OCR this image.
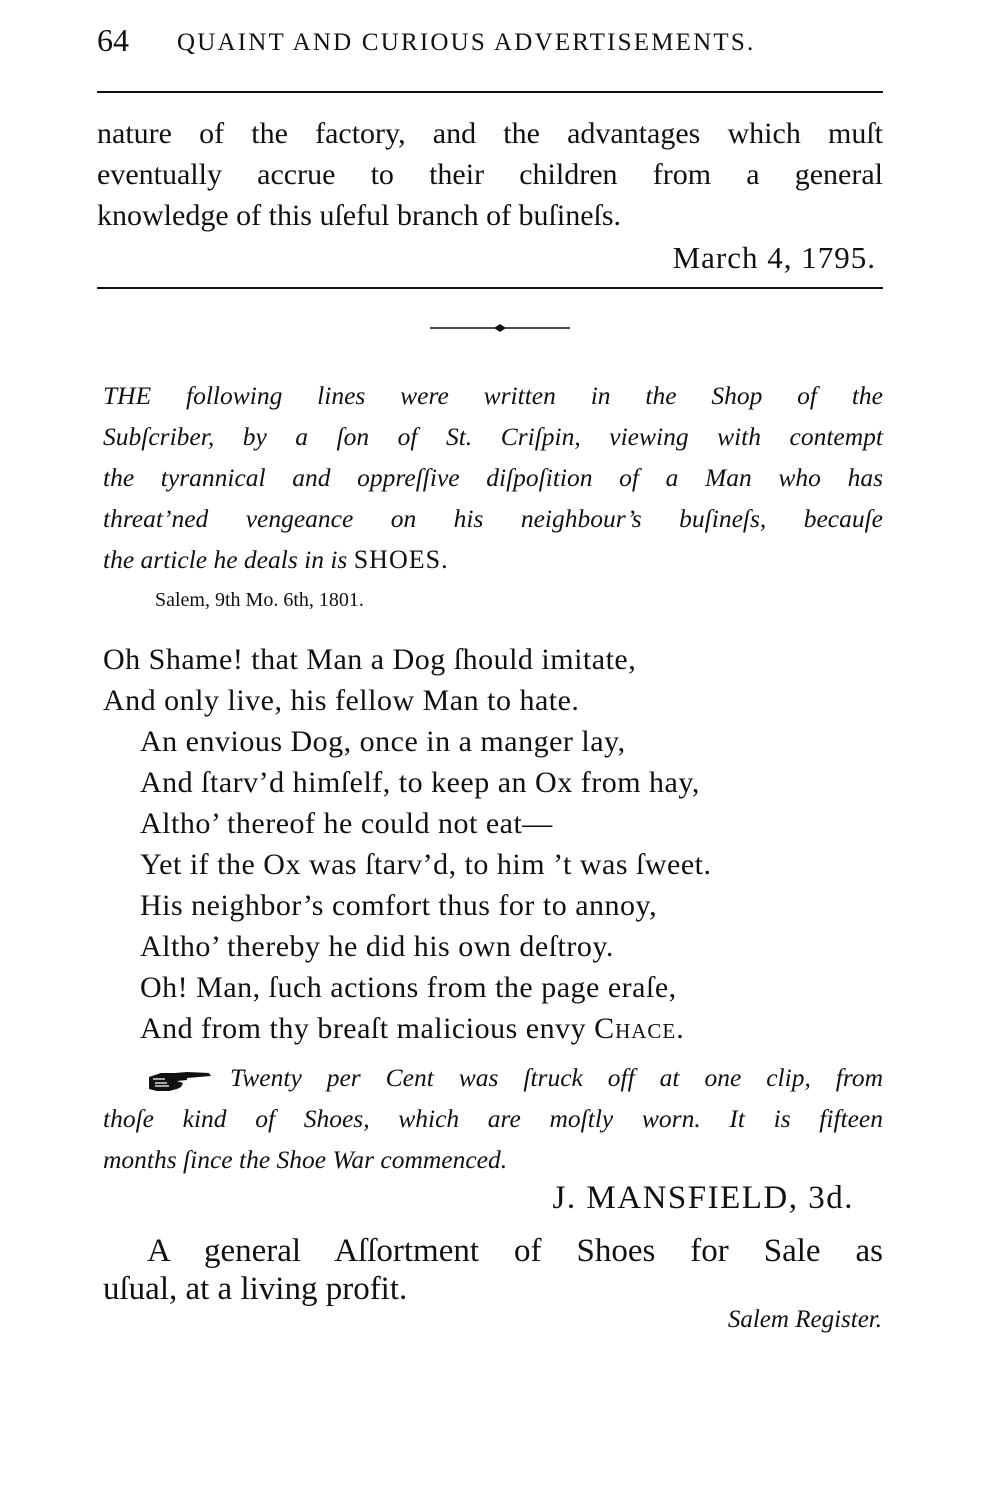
64 QUAINT AND CURIOUS ADVERTISEMENTS.
nature of the factory, and the advantages which muſt
eventually accrue to their children from a general
knowledge of this uſeful branch of buſineſs.
March 4, 1795.
THE following lines were written in the Shop of the
Subſcriber, by a ſon of St. Criſpin, viewing with contempt
the tyrannical and oppreſſive diſpoſition of a Man who has
threat’ned vengeance on his neighbour’s buſineſs, becauſe
the article he deals in is SHOES.
Salem, 9th Mo. 6th, 1801.
Oh Shame! that Man a Dog ſhould imitate,
And only live, his fellow Man to hate.
An envious Dog, once in a manger lay,
And ſtarv’d himſelf, to keep an Ox from hay,
Altho’ thereof he could not eat—
Yet if the Ox was ſtarv’d, to him ’t was ſweet.
His neighbor’s comfort thus for to annoy,
Altho’ thereby he did his own deſtroy.
Oh! Man, ſuch actions from the page eraſe,
And from thy breaſt malicious envy Chace.
Twenty per Cent was ſtruck off at one clip, from
thoſe kind of Shoes, which are moſtly worn. It is fifteen
months ſince the Shoe War commenced.
J. MANSFIELD, 3d.
A general Aſſortment of Shoes for Sale as
uſual, at a living profit.
Salem Register.
